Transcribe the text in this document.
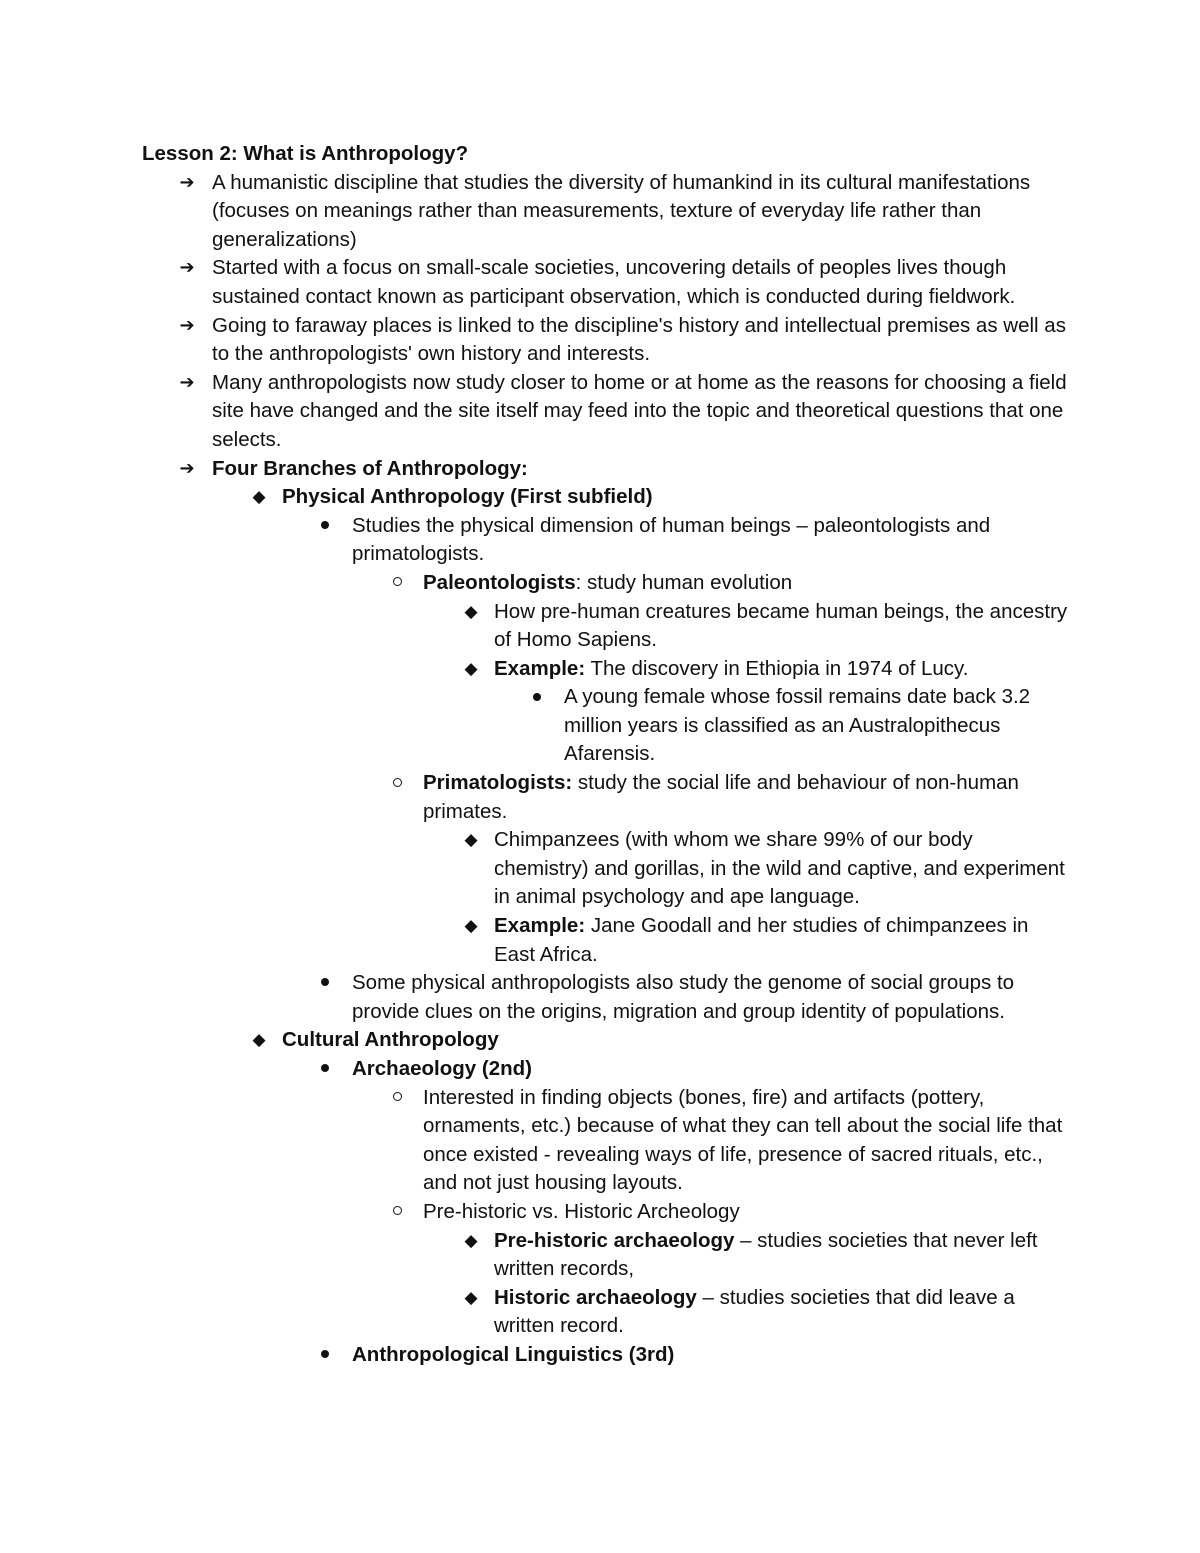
Lesson 2: What is Anthropology?

➔ A humanistic discipline that studies the diversity of humankind in its cultural manifestations (focuses on meanings rather than measurements, texture of everyday life rather than generalizations)
➔ Started with a focus on small-scale societies, uncovering details of peoples lives though sustained contact known as participant observation, which is conducted during fieldwork.
➔ Going to faraway places is linked to the discipline's history and intellectual premises as well as to the anthropologists' own history and interests.
➔ Many anthropologists now study closer to home or at home as the reasons for choosing a field site have changed and the site itself may feed into the topic and theoretical questions that one selects.
➔ Four Branches of Anthropology:
◆ Physical Anthropology (First subfield)
Studies the physical dimension of human beings – paleontologists and primatologists.
Paleontologists: study human evolution
◆ How pre-human creatures became human beings, the ancestry of Homo Sapiens.
◆ Example: The discovery in Ethiopia in 1974 of Lucy.
A young female whose fossil remains date back 3.2 million years is classified as an Australopithecus Afarensis.
Primatologists: study the social life and behaviour of non-human primates.
◆ Chimpanzees (with whom we share 99% of our body chemistry) and gorillas, in the wild and captive, and experiment in animal psychology and ape language.
◆ Example: Jane Goodall and her studies of chimpanzees in East Africa.
Some physical anthropologists also study the genome of social groups to provide clues on the origins, migration and group identity of populations.
◆ Cultural Anthropology
Archaeology (2nd)
Interested in finding objects (bones, fire) and artifacts (pottery, ornaments, etc.) because of what they can tell about the social life that once existed - revealing ways of life, presence of sacred rituals, etc., and not just housing layouts.
Pre-historic vs. Historic Archeology
◆ Pre-historic archaeology – studies societies that never left written records,
◆ Historic archaeology – studies societies that did leave a written record.
Anthropological Linguistics (3rd)
